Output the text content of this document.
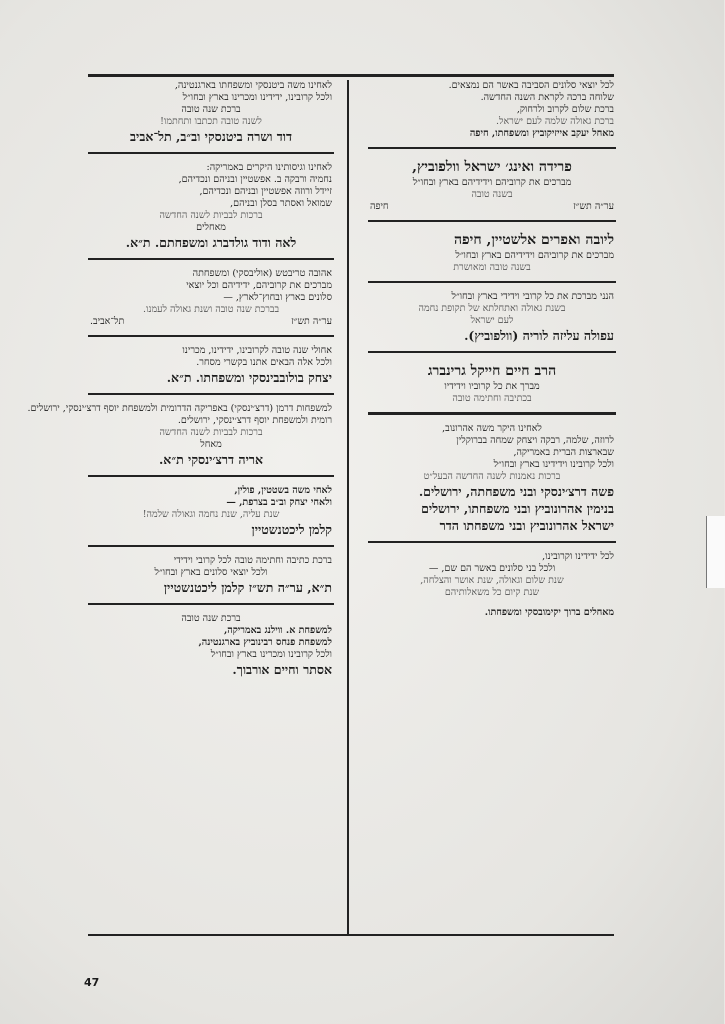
לכל יוצאי סלונים הסביבה באשר הם נמצאים.
שלוחה ברכה לקראת השנה החדשה.
ברכת שלום לקרוב ולרחוק,
ברכת גאולה שלמה לעם ישראל.
מאחל יעקב אייזיקוביץ ומשפחתו, חיפה
פרידה ואינג׳ ישראל וולפוביץ,
מברכים את קרוביהם וידידיהם בארץ ובחו״ל
בשנה טובה
ער״ה תש״ז
חיפה
ליובה ואפרים אלשטיין, חיפה
מברכים את קרוביהם וידידיהם בארץ ובחו״ל
בשנה טובה ומאושרת
הנני מברכת את כל קרובי וידידי בארץ ובחו״ל
בשנת גאולה ואתחלתא של תקופת נחמה
לעם ישראל
עפולה עליזה לוריה (וולפוביץ).
הרב חיים חייקל גרינברג
מברך את כל קרוביו וידידיו
בכתיבה וחתימה טובה
לאחינו היקר משה אהרונוב,
לרוזה, שלמה, רבקה ויצחק שמחה בברוקלין
שבארצות הברית באמריקה,
ולכל קרובינו וידידינו בארץ ובחו״ל
ברכות נאמנות לשנה החדשה הבעל״ט
פשה דרצ׳ינסקי ובני משפחתה, ירושלים.
בנימין אהרונוביץ ובני משפחתו, ירושלים
ישראל אהרונוביץ ובני משפחתו הדר
לכל ידידינו וקרובינו,
ולכל בני סלונים באשר הם שם, —
שנת שלום וגאולה, שנת אושר והצלחה,
שנת קיום כל משאלותיהם
מאחלים ברוך יקימובסקי ומשפחתו.
לאחינו משה ביטנסקי ומשפחתו בארגנטינה,
ולכל קרובינו, ידידינו ומכרינו בארץ ובחו״ל
ברכת שנה טובה
לשנה טובה תכתבו ותחתמו!
דוד ושרה ביטנסקי וב״ב, תל־אביב
לאחינו וגיסותינו היקרים באמריקה:
נחמיה ורבקה ב. אפשטיין ובניהם ונכדיהם,
זיידל ורוזה אפשטיין ובניהם ונכדיהם,
שמואל ואסתר בסלן ובניהם,
ברכות לבביות לשנה החדשה
מאחלים
לאה ודוד גולדברג ומשפחתם. ת״א.
אהובה טריבטש (אוליבסקי) ומשפחתה
מברכים את קרוביהם, ידידיהם וכל יוצאי
סלונים בארץ ובחוץ־לארץ, —
בברכת שנה טובה ושנת גאולה לעמנו.
ער״ה תש״ז
תל־אביב.
אחולי שנה טובה לקרובינו, ידידינו, מכרינו
ולכל אלה הבאים אתנו בקשרי מסחר.
יצחק בולובבינסקי ומשפחתו. ת״א.
למשפחות דרמן (דרצ׳ינסקי) באפריקה הדרומית ולמשפחת יוסף דרצ׳ינסקי, ירושלים.
רומית ולמשפחת יוסף דרצ׳ינסקי, ירושלים.
ברכות לבביות לשנה החדשה
מאחל
אריה דרצ׳ינסקי ת״א.
לאחי משה בשטטין, פולין,
ולאחי יצחק וב״ב בצרפת, —
שנת עליה, שנת נחמה וגאולה שלמה!
קלמן ליכטנשטיין
ברכת כתיבה וחתימה טובה לכל קרובי וידידי
ולכל יוצאי סלונים בארץ ובחו״ל
ת״א, ער״ה תש״ז קלמן ליכטנשטיין
ברכת שנה טובה
למשפחת א. ווילנג באמריקה,
למשפחת פנחס רבינוביץ בארגנטינה,
ולכל קרובינו ומכרינו בארץ ובחו״ל
אסתר וחיים אורבוך.
47
